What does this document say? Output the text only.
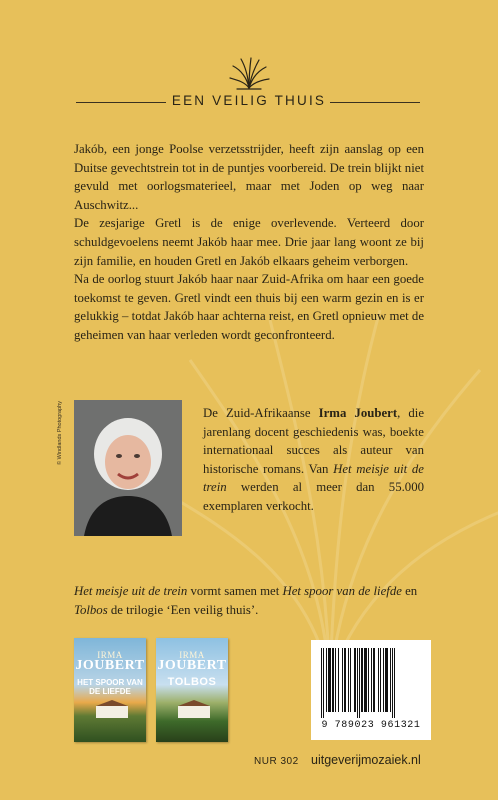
EEN VEILIG THUIS

Jakób, een jonge Poolse verzetsstrijder, heeft zijn aanslag op een Duitse gevechtstrein tot in de puntjes voorbereid. De trein blijkt niet gevuld met oorlogsmaterieel, maar met Joden op weg naar Auschwitz...

De zesjarige Gretl is de enige overlevende. Verteerd door schuldgevoelens neemt Jakób haar mee. Drie jaar lang woont ze bij zijn familie, en houden Gretl en Jakób elkaars geheim verborgen.

Na de oorlog stuurt Jakób haar naar Zuid-Afrika om haar een goede toekomst te geven. Gretl vindt een thuis bij een warm gezin en is er gelukkig – totdat Jakób haar achterna reist, en Gretl opnieuw met de geheimen van haar verleden wordt geconfronteerd.

© Windlands Photography	De Zuid-Afrikaanse Irma Joubert, die jarenlang docent geschiedenis was, boekte internationaal succes als auteur van historische romans. Van Het meisje uit de trein werden al meer dan 55.000 exemplaren verkocht.

Het meisje uit de trein vormt samen met Het spoor van de liefde en Tolbos de trilogie ‘Een veilig thuis’.

IRMA
JOUBERT
HET SPOOR VAN DE LIEFDE
IRMA
JOUBERT
TOLBOS
9 789023 961321
NUR 302 uitgeverijmozaiek.nl
